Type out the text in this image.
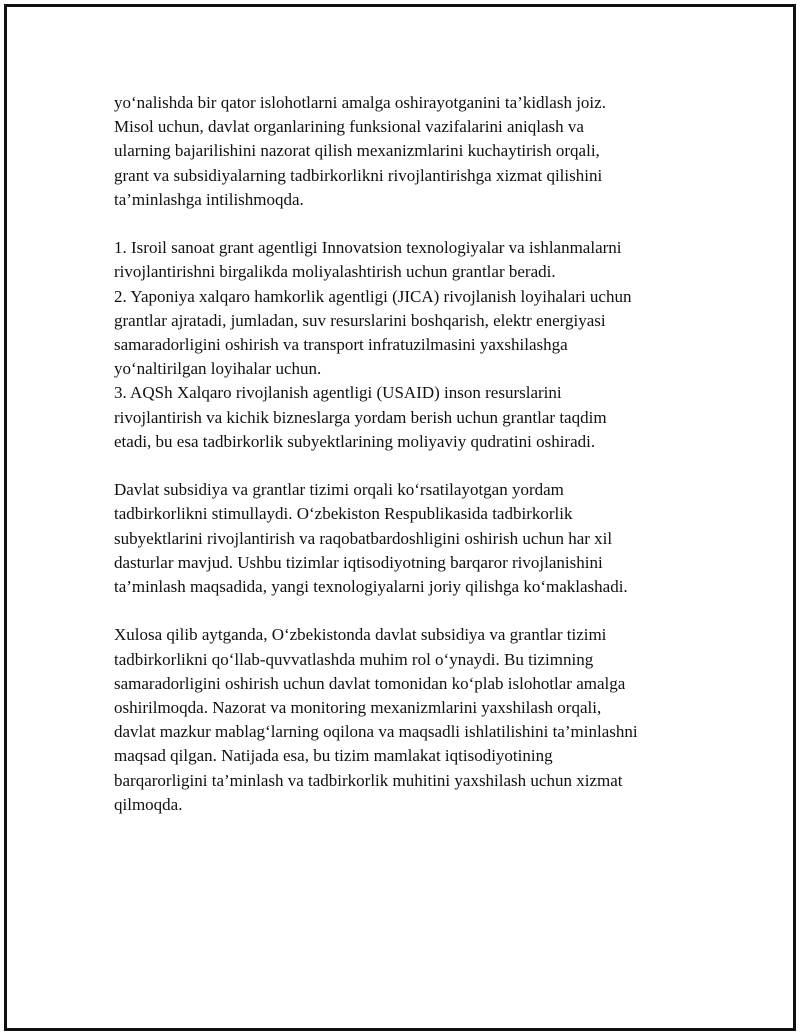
yo‘nalishda bir qator islohotlarni amalga oshirayotganini ta’kidlash joiz.
Misol uchun, davlat organlarining funksional vazifalarini aniqlash va
ularning bajarilishini nazorat qilish mexanizmlarini kuchaytirish orqali,
grant va subsidiyalarning tadbirkorlikni rivojlantirishga xizmat qilishini
ta’minlashga intilishmoqda.

1. Isroil sanoat grant agentligi Innovatsion texnologiyalar va ishlanmalarni
rivojlantirishni birgalikda moliyalashtirish uchun grantlar beradi.
2. Yaponiya xalqaro hamkorlik agentligi (JICA) rivojlanish loyihalari uchun
grantlar ajratadi, jumladan, suv resurslarini boshqarish, elektr energiyasi
samaradorligini oshirish va transport infratuzilmasini yaxshilashga
yo‘naltirilgan loyihalar uchun.
3. AQSh Xalqaro rivojlanish agentligi (USAID) inson resurslarini
rivojlantirish va kichik bizneslarga yordam berish uchun grantlar taqdim
etadi, bu esa tadbirkorlik subyektlarining moliyaviy qudratini oshiradi.

Davlat subsidiya va grantlar tizimi orqali ko‘rsatilayotgan yordam
tadbirkorlikni stimullaydi. O‘zbekiston Respublikasida tadbirkorlik
subyektlarini rivojlantirish va raqobatbardoshligini oshirish uchun har xil
dasturlar mavjud. Ushbu tizimlar iqtisodiyotning barqaror rivojlanishini
ta’minlash maqsadida, yangi texnologiyalarni joriy qilishga ko‘maklashadi.

Xulosa qilib aytganda, O‘zbekistonda davlat subsidiya va grantlar tizimi
tadbirkorlikni qo‘llab-quvvatlashda muhim rol o‘ynaydi. Bu tizimning
samaradorligini oshirish uchun davlat tomonidan ko‘plab islohotlar amalga
oshirilmoqda. Nazorat va monitoring mexanizmlarini yaxshilash orqali,
davlat mazkur mablag‘larning oqilona va maqsadli ishlatilishini ta’minlashni
maqsad qilgan. Natijada esa, bu tizim mamlakat iqtisodiyotining
barqarorligini ta’minlash va tadbirkorlik muhitini yaxshilash uchun xizmat
qilmoqda.
